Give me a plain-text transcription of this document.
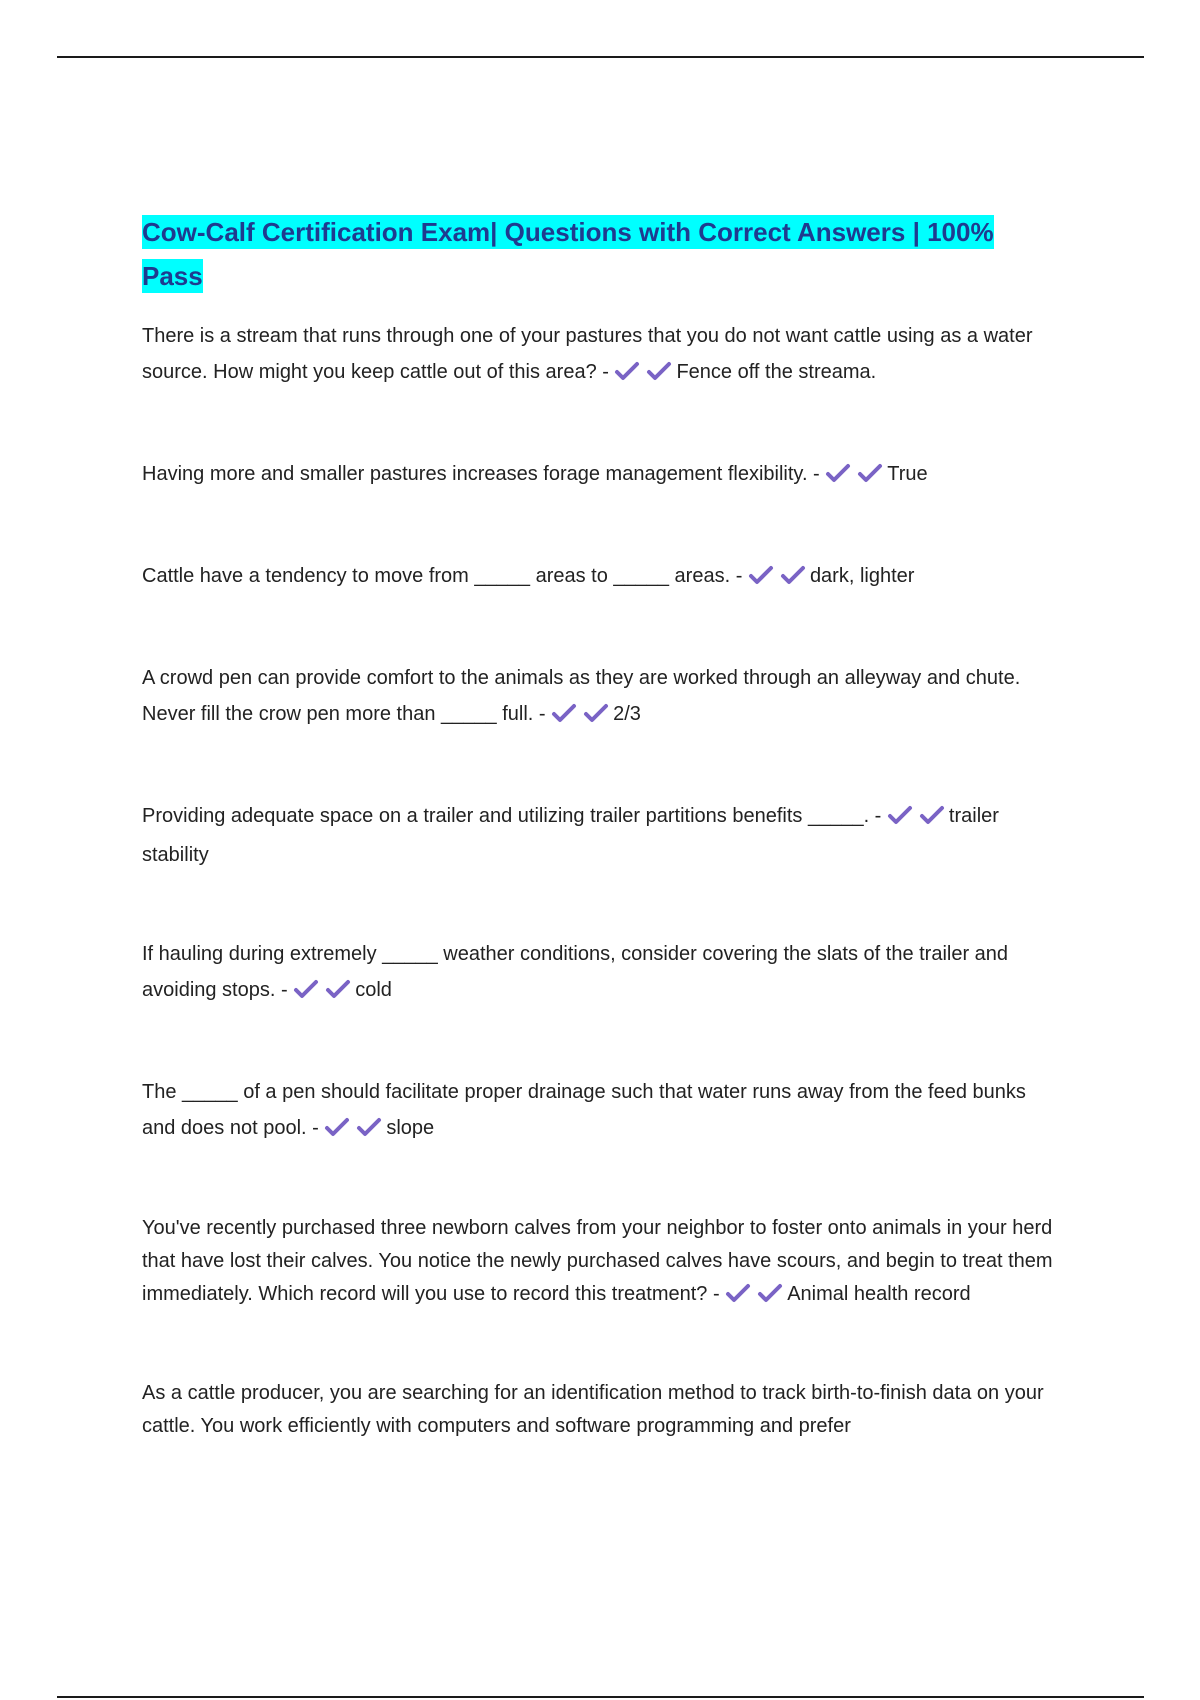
Cow-Calf Certification Exam| Questions with Correct Answers | 100% Pass

There is a stream that runs through one of your pastures that you do not want cattle using as a water source. How might you keep cattle out of this area? -	Fence off the streama.

Having more and smaller pastures increases forage management flexibility. -	True

Cattle have a tendency to move from _____ areas to _____ areas. -	dark, lighter

A crowd pen can provide comfort to the animals as they are worked through an alleyway and chute. Never fill the crow pen more than _____ full. -	2/3

Providing adequate space on a trailer and utilizing trailer partitions benefits _____. -	trailer stability

If hauling during extremely _____ weather conditions, consider covering the slats of the trailer and avoiding stops. -	cold

The _____ of a pen should facilitate proper drainage such that water runs away from the feed bunks and does not pool. -	slope

You've recently purchased three newborn calves from your neighbor to foster onto animals in your herd that have lost their calves. You notice the newly purchased calves have scours, and begin to treat them immediately. Which record will you use to record this treatment? -	Animal health record

As a cattle producer, you are searching for an identification method to track birth-to-finish data on your cattle. You work efficiently with computers and software programming and prefer
